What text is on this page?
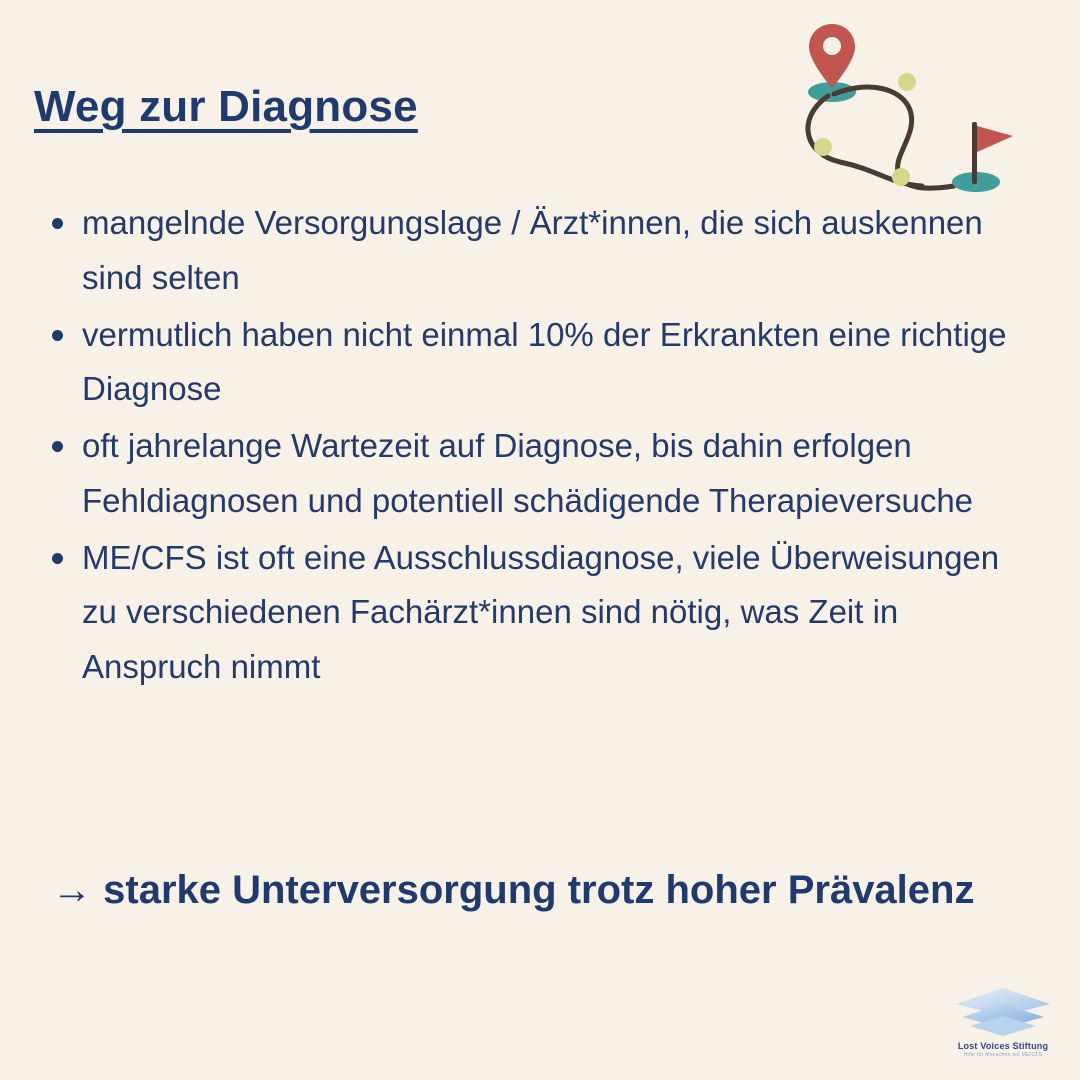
Weg zur Diagnose
mangelnde Versorgungslage / Ärzt*innen, die sich auskennen sind selten
vermutlich haben nicht einmal 10% der Erkrankten eine richtige Diagnose
oft jahrelange Wartezeit auf Diagnose, bis dahin erfolgen Fehldiagnosen und potentiell schädigende Therapieversuche
ME/CFS ist oft eine Ausschlussdiagnose, viele Überweisungen zu verschiedenen Fachärzt*innen sind nötig, was Zeit in Anspruch nimmt
→ starke Unterversorgung trotz hoher Prävalenz
Lost Voices Stiftung
Hilfe für Menschen mit ME/CFS
